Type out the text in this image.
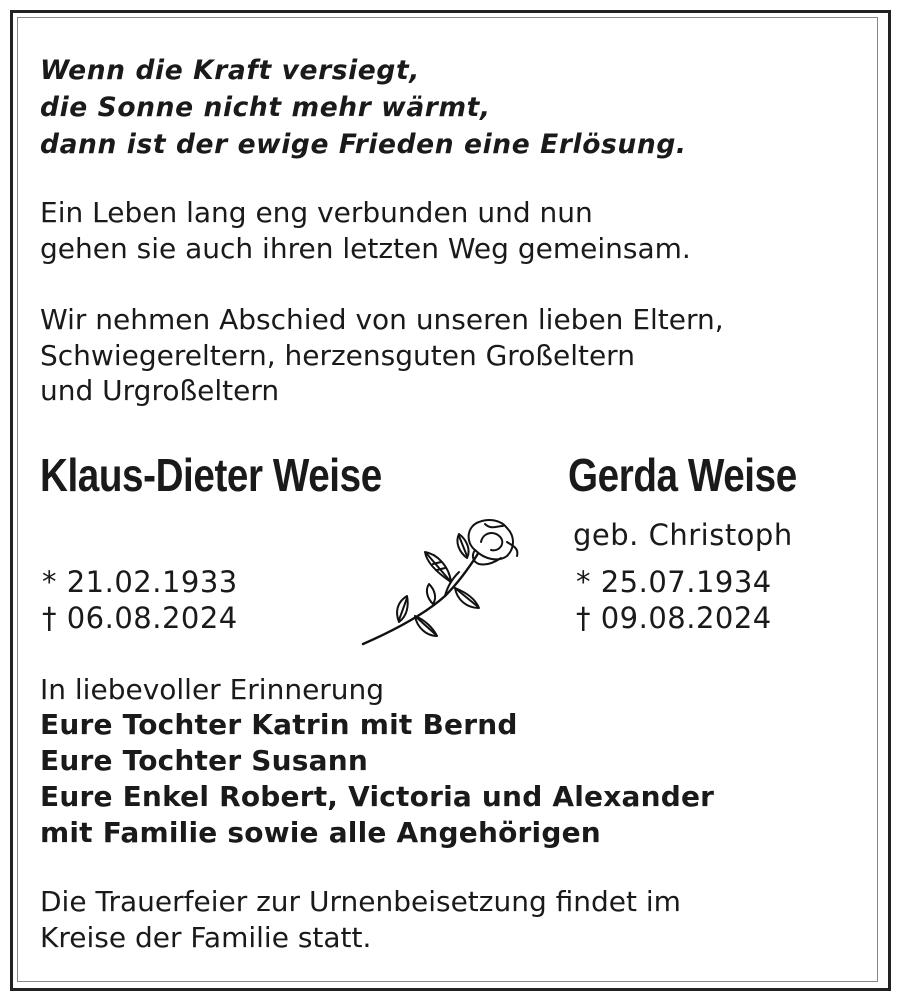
Wenn die Kraft versiegt,
die Sonne nicht mehr wärmt,
dann ist der ewige Frieden eine Erlösung.
Ein Leben lang eng verbunden und nun
gehen sie auch ihren letzten Weg gemeinsam.
Wir nehmen Abschied von unseren lieben Eltern,
Schwiegereltern, herzensguten Großeltern
und Urgroßeltern
Klaus-Dieter Weise	Gerda Weise
geb. Christoph
* 21.02.1933
† 06.08.2024
* 25.07.1934
† 09.08.2024
In liebevoller Erinnerung
Eure Tochter Katrin mit Bernd
Eure Tochter Susann
Eure Enkel Robert, Victoria und Alexander
mit Familie sowie alle Angehörigen
Die Trauerfeier zur Urnenbeisetzung findet im
Kreise der Familie statt.
